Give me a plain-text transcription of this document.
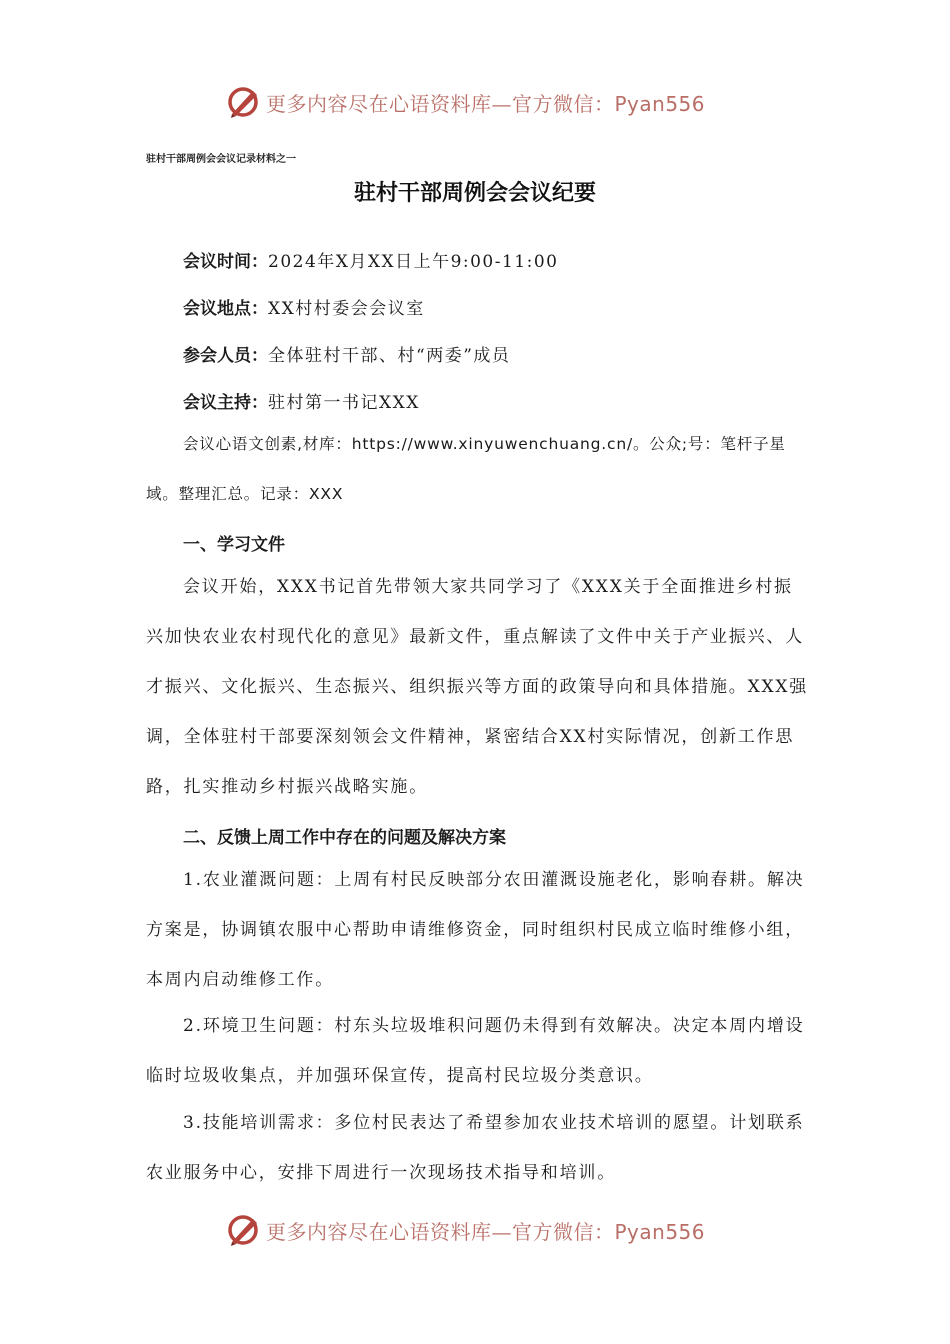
更多内容尽在心语资料库—官方微信：Pyan556
驻村干部周例会会议记录材料之一
驻村干部周例会会议纪要
会议时间：2024年X月XX日上午9:00-11:00
会议地点：XX村村委会会议室
参会人员：全体驻村干部、村“两委”成员
会议主持：驻村第一书记XXX

会议心语文创素,材库：https://www.xinyuwenchuang.cn/。公众;号：笔杆子星域。整理汇总。记录：XXX

一、学习文件

会议开始，XXX书记首先带领大家共同学习了《XXX关于全面推进乡村振兴加快农业农村现代化的意见》最新文件，重点解读了文件中关于产业振兴、人才振兴、文化振兴、生态振兴、组织振兴等方面的政策导向和具体措施。XXX强调，全体驻村干部要深刻领会文件精神，紧密结合XX村实际情况，创新工作思路，扎实推动乡村振兴战略实施。

二、反馈上周工作中存在的问题及解决方案

1.农业灌溉问题：上周有村民反映部分农田灌溉设施老化，影响春耕。解决方案是，协调镇农服中心帮助申请维修资金，同时组织村民成立临时维修小组，本周内启动维修工作。

2.环境卫生问题：村东头垃圾堆积问题仍未得到有效解决。决定本周内增设临时垃圾收集点，并加强环保宣传，提高村民垃圾分类意识。

3.技能培训需求：多位村民表达了希望参加农业技术培训的愿望。计划联系农业服务中心，安排下周进行一次现场技术指导和培训。

更多内容尽在心语资料库—官方微信：Pyan556
